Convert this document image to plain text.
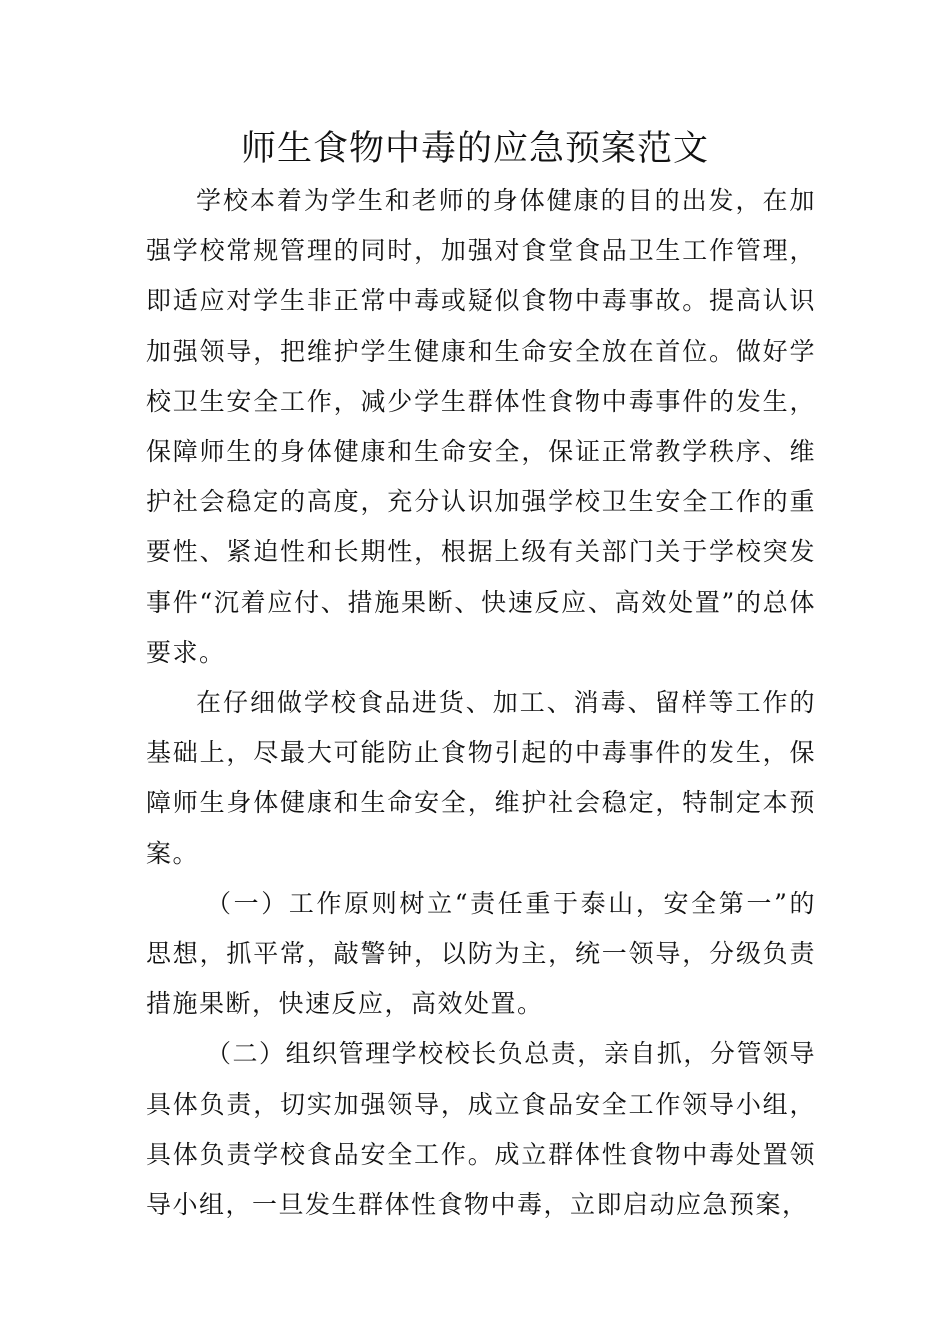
师生食物中毒的应急预案范文

学校本着为学生和老师的身体健康的目的出发，在加强学校常规管理的同时，加强对食堂食品卫生工作管理，即适应对学生非正常中毒或疑似食物中毒事故。提高认识加强领导，把维护学生健康和生命安全放在首位。做好学校卫生安全工作，减少学生群体性食物中毒事件的发生，保障师生的身体健康和生命安全，保证正常教学秩序、维护社会稳定的高度，充分认识加强学校卫生安全工作的重要性、紧迫性和长期性，根据上级有关部门关于学校突发事件“沉着应付、措施果断、快速反应、高效处置”的总体要求。

在仔细做学校食品进货、加工、消毒、留样等工作的基础上，尽最大可能防止食物引起的中毒事件的发生，保障师生身体健康和生命安全，维护社会稳定，特制定本预案。

（一）工作原则树立“责任重于泰山，安全第一”的思想，抓平常，敲警钟，以防为主，统一领导，分级负责措施果断，快速反应，高效处置。

（二）组织管理学校校长负总责，亲自抓，分管领导具体负责，切实加强领导，成立食品安全工作领导小组，具体负责学校食品安全工作。成立群体性食物中毒处置领导小组，一旦发生群体性食物中毒，立即启动应急预案，
